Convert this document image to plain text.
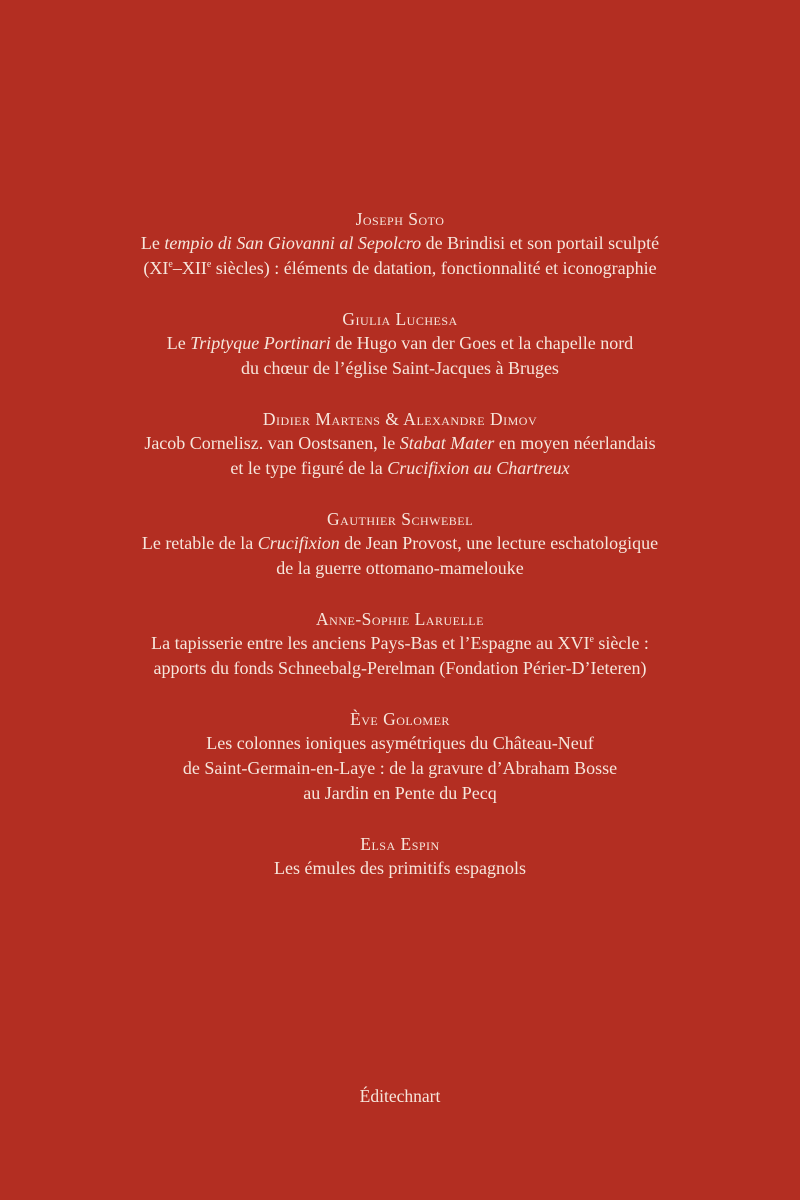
Joseph Soto
Le tempio di San Giovanni al Sepolcro de Brindisi et son portail sculpté
(XIe–XIIe siècles) : éléments de datation, fonctionnalité et iconographie
Giulia Luchesa
Le Triptyque Portinari de Hugo van der Goes et la chapelle nord
du chœur de l’église Saint-Jacques à Bruges
Didier Martens & Alexandre Dimov
Jacob Cornelisz. van Oostsanen, le Stabat Mater en moyen néerlandais
et le type figuré de la Crucifixion au Chartreux
Gauthier Schwebel
Le retable de la Crucifixion de Jean Provost, une lecture eschatologique
de la guerre ottomano-mamelouke
Anne-Sophie Laruelle
La tapisserie entre les anciens Pays-Bas et l’Espagne au XVIe siècle :
apports du fonds Schneebalg-Perelman (Fondation Périer-D’Ieteren)
Ève Golomer
Les colonnes ioniques asymétriques du Château-Neuf
de Saint-Germain-en-Laye : de la gravure d’Abraham Bosse
au Jardin en Pente du Pecq
Elsa Espin
Les émules des primitifs espagnols
Éditechnart
